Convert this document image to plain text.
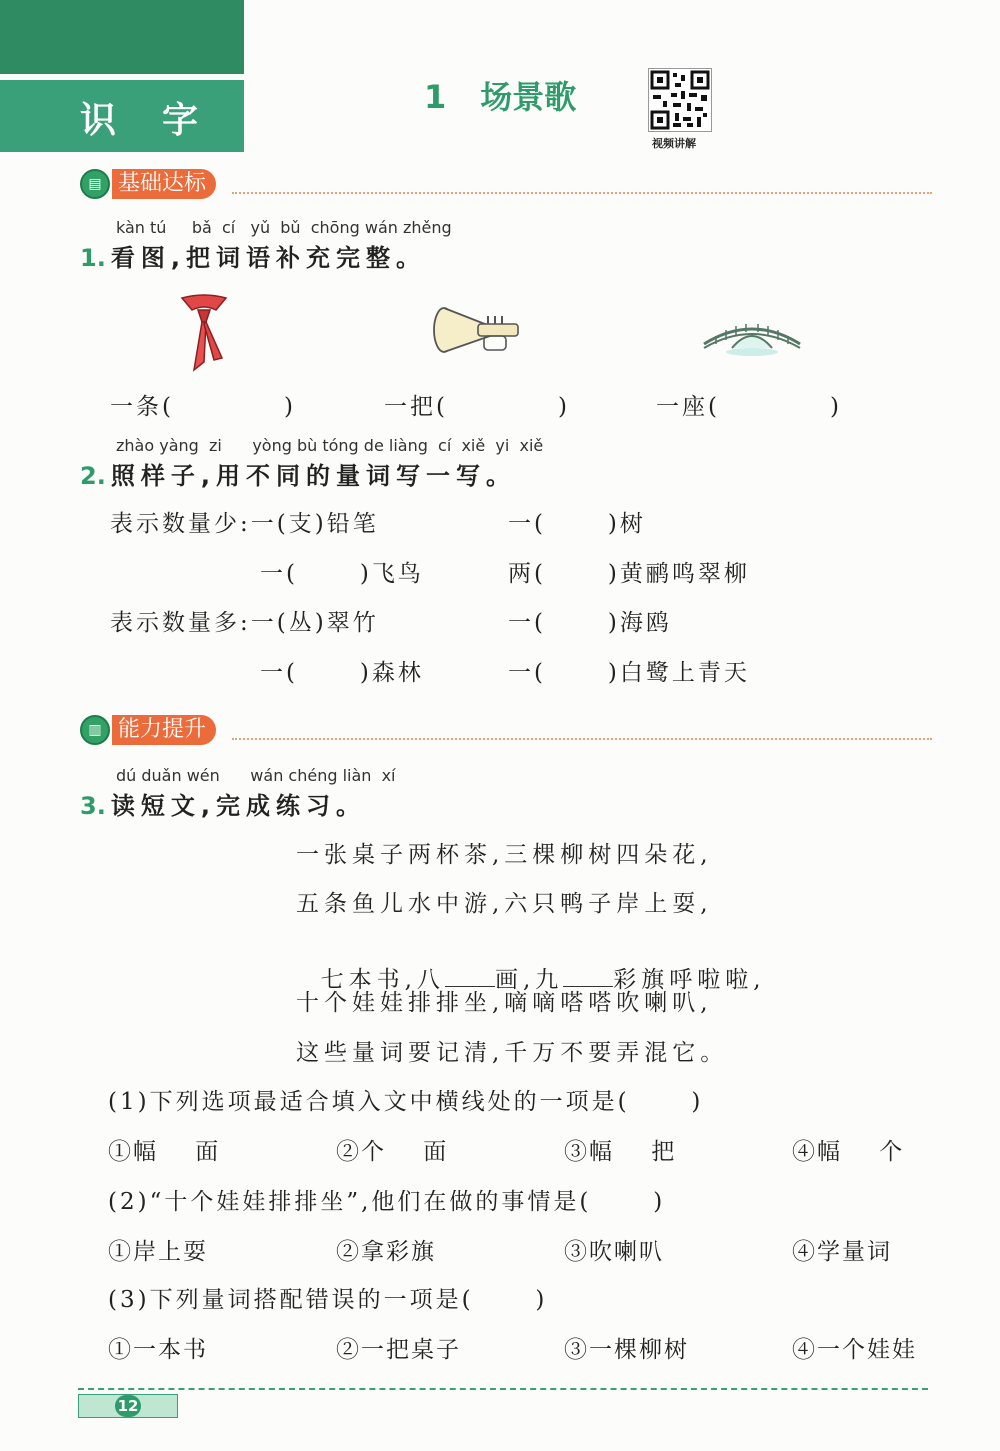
识字
1 场景歌
视频讲解
▤ 基础达标
kàn tú     bǎ  cí   yǔ  bǔ  chōng wán zhěng
1. 看图,把词语补充完整。
一条(	)	一把(	)	一座(	)
zhào yàng  zi      yòng bù tóng de liàng  cí  xiě  yi  xiě
2. 照样子,用不同的量词写一写。
表示数量少:一(支)铅笔	一(      )树
一(      )飞鸟	两(      )黄鹂鸣翠柳
表示数量多:一(丛)翠竹	一(      )海鸥
一(      )森林	一(      )白鹭上青天
▥ 能力提升
dú duǎn wén      wán chéng liàn  xí
3. 读短文,完成练习。
一张桌子两杯茶,三棵柳树四朵花,
五条鱼儿水中游,六只鸭子岸上耍,

七本书,八 画,九 彩旗呼啦啦,

十个娃娃排排坐,嘀嘀嗒嗒吹喇叭,
这些量词要记清,千万不要弄混它。
(1)下列选项最适合填入文中横线处的一项是(      )
①幅    面	②个    面	③幅    把	④幅    个
(2)“十个娃娃排排坐”,他们在做的事情是(      )
①岸上耍	②拿彩旗	③吹喇叭	④学量词
(3)下列量词搭配错误的一项是(      )
①一本书	②一把桌子	③一棵柳树	④一个娃娃
12
